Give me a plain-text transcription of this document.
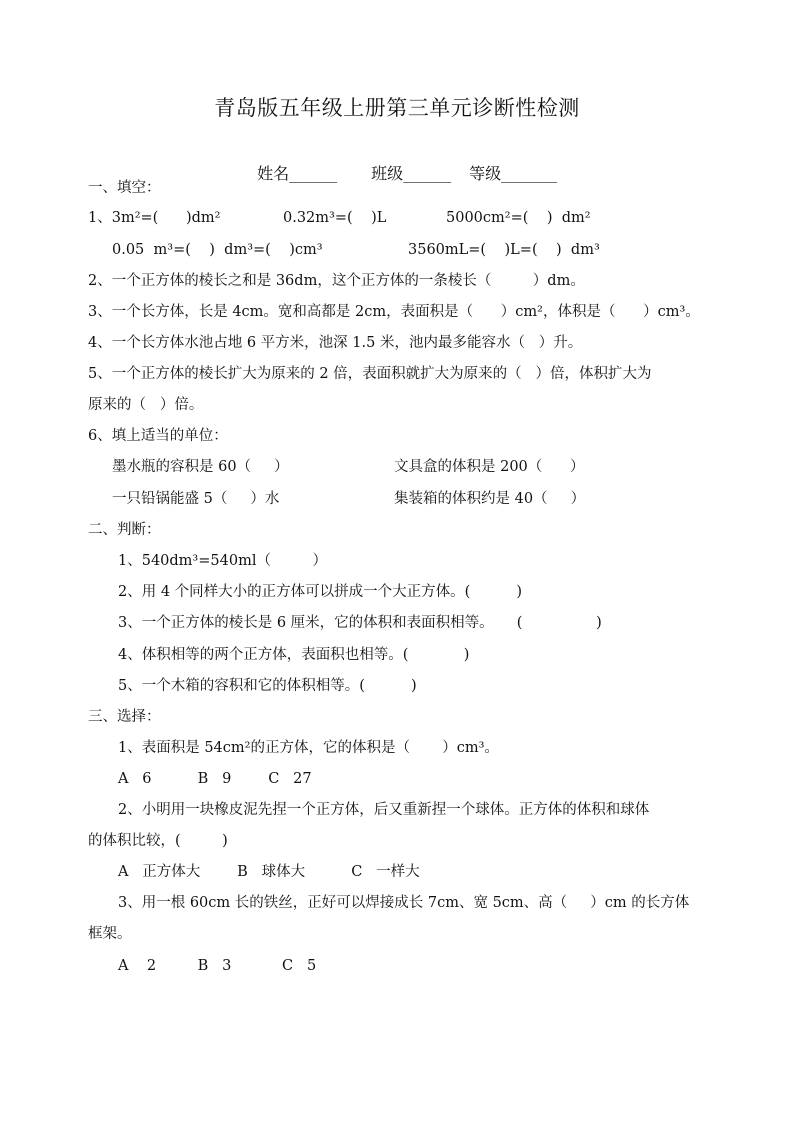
青岛版五年级上册第三单元诊断性检测

姓名______ 班级______ 等级_______

一、填空：
1、3m²=(      )dm²	0.32m³=(    )L	5000cm²=(    )  dm²
0.05  m³=(    )  dm³=(    )cm³	3560mL=(    )L=(    )  dm³
2、一个正方体的棱长之和是 36dm，这个正方体的一条棱长（         ）dm。
3、一个长方体，长是 4cm。宽和高都是 2cm，表面积是（      ）cm²，体积是（      ）cm³。
4、一个长方体水池占地 6 平方米，池深 1.5 米，池内最多能容水（   ）升。
5、一个正方体的棱长扩大为原来的 2 倍，表面积就扩大为原来的（   ）倍，体积扩大为
原来的（   ）倍。
6、填上适当的单位：
墨水瓶的容积是 60（     ）	文具盒的体积是 200（      ）
一只铅锅能盛 5（     ）水	集装箱的体积约是 40（     ）
二、判断：
1、540dm³=540ml（         ）
2、用 4 个同样大小的正方体可以拼成一个大正方体。(          )
3、一个正方体的棱长是 6 厘米，它的体积和表面积相等。     (                )
4、体积相等的两个正方体，表面积也相等。(            )
5、一个木箱的容积和它的体积相等。(          )
三、选择：
1、表面积是 54cm²的正方体，它的体积是（       ）cm³。
A   6          B   9        C   27
2、小明用一块橡皮泥先捏一个正方体，后又重新捏一个球体。正方体的体积和球体
的体积比较，(         )
A   正方体大        B   球体大          C   一样大
3、用一根 60cm 长的铁丝，正好可以焊接成长 7cm、宽 5cm、高（     ）cm 的长方体
框架。
A    2         B   3           C   5
